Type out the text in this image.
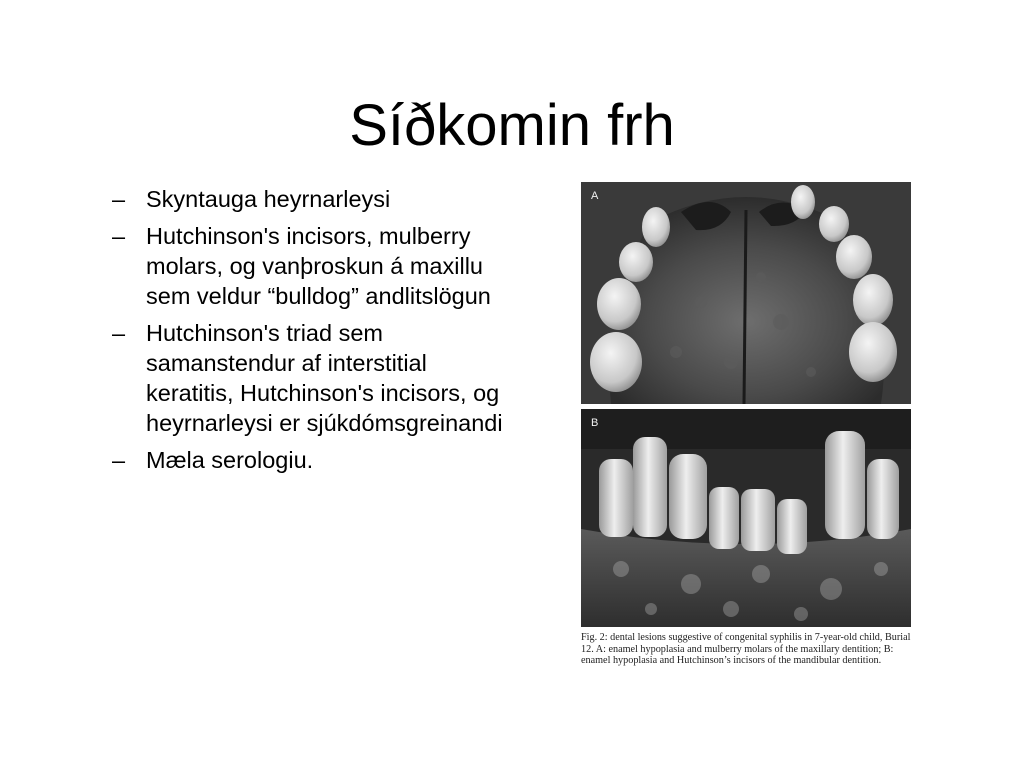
Síðkomin frh
– Skyntauga heyrnarleysi
– Hutchinson's incisors, mulberry molars, og vanþroskun á maxillu sem veldur “bulldog” andlitslögun
– Hutchinson's triad sem samanstendur af interstitial keratitis, Hutchinson's incisors, og heyrnarleysi er sjúkdómsgreinandi
– Mæla serologiu.
A
B
Fig. 2: dental lesions suggestive of congenital syphilis in 7-year-old child, Burial 12. A: enamel hypoplasia and mulberry molars of the maxillary dentition; B: enamel hypoplasia and Hutchinson’s incisors of the mandibular dentition.
